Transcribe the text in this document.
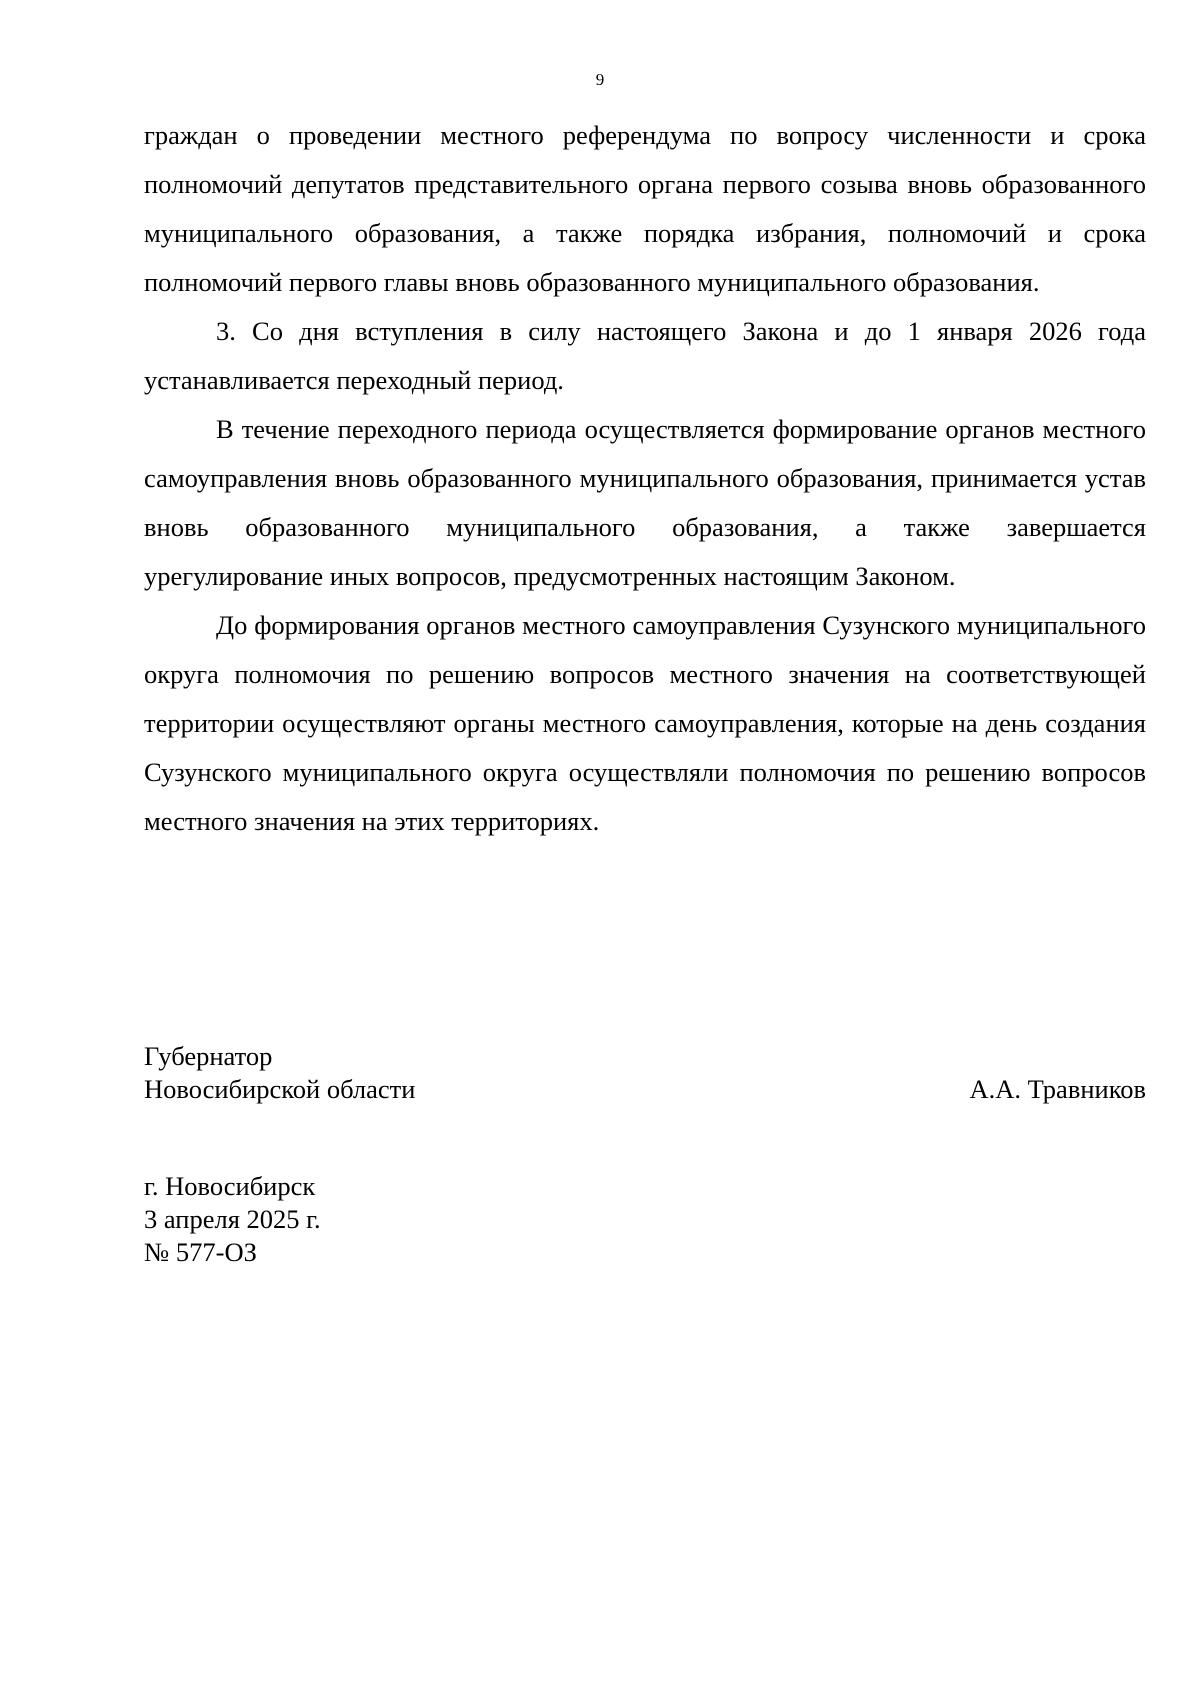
9

граждан о проведении местного референдума по вопросу численности и срока полномочий депутатов представительного органа первого созыва вновь образованного муниципального образования, а также порядка избрания, полномочий и срока полномочий первого главы вновь образованного муниципального образования.

3. Со дня вступления в силу настоящего Закона и до 1 января 2026 года устанавливается переходный период.

В течение переходного периода осуществляется формирование органов местного самоуправления вновь образованного муниципального образования, принимается устав вновь образованного муниципального образования, а также завершается урегулирование иных вопросов, предусмотренных настоящим Законом.

До формирования органов местного самоуправления Сузунского муниципального округа полномочия по решению вопросов местного значения на соответствующей территории осуществляют органы местного самоуправления, которые на день создания Сузунского муниципального округа осуществляли полномочия по решению вопросов местного значения на этих территориях.

Губернатор
Новосибирской области	А.А. Травников
г. Новосибирск
3 апреля 2025 г.
№ 577-ОЗ
